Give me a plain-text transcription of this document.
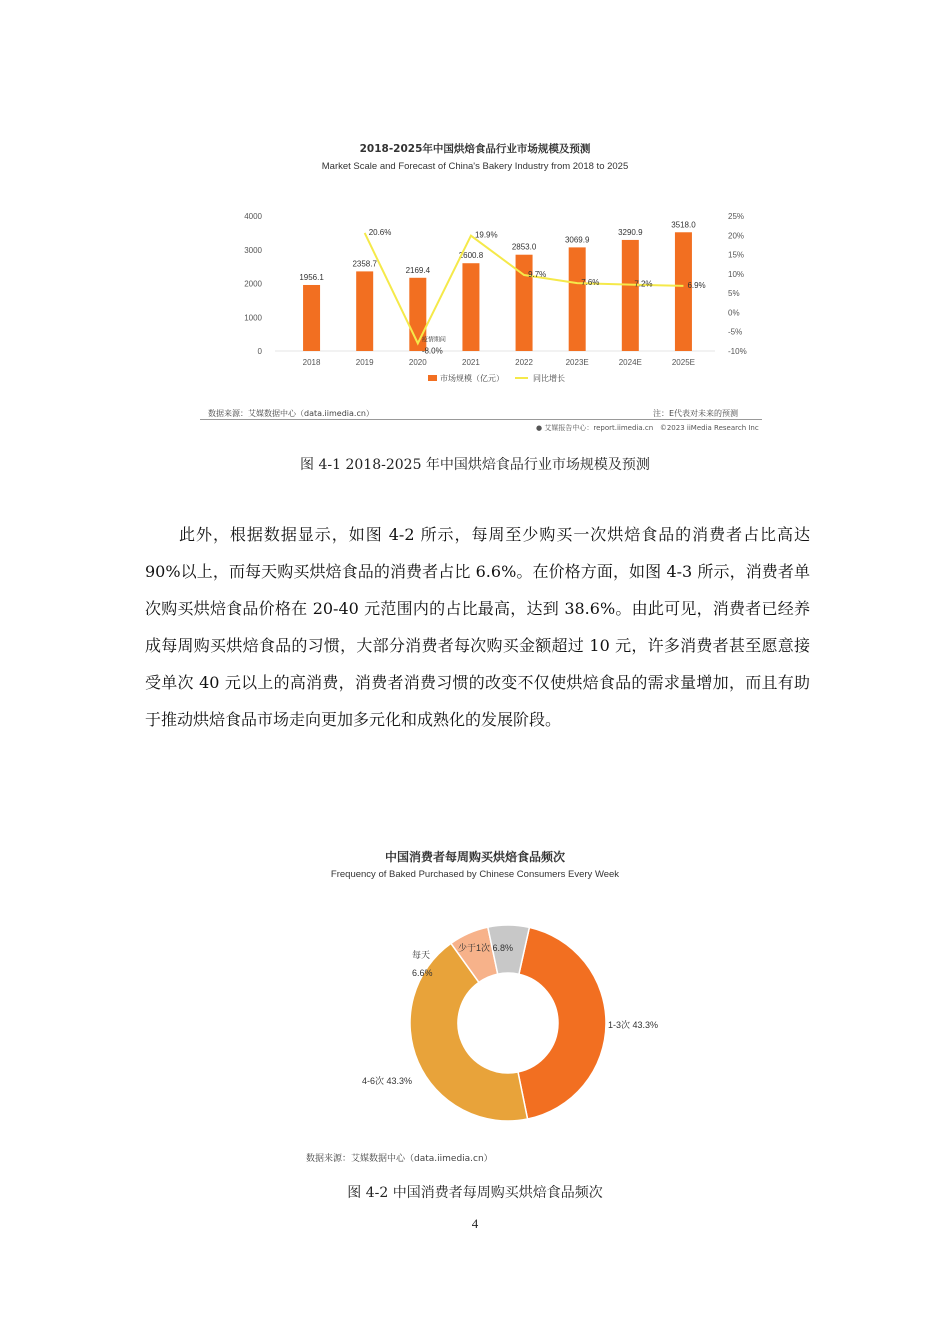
2018-2025年中国烘焙食品行业市场规模及预测
Market Scale and Forecast of China's Bakery Industry from 2018 to 2025
4000
3000
2000
1000
0
25%
20%
15%
10%
5%
0%
-5%
-10%
1956.1
2018
2358.7
2019
2169.4
2020
2600.8
2021
2853.0
2022
3069.9
2023E
3290.9
2024E
3518.0
2025E
20.6%
-8.0%
19.9%
9.7%
7.6%	7.2%	6.9%
疫情期间
市场规模（亿元）	同比增长
数据来源：艾媒数据中心（data.iimedia.cn）	注：E代表对未来的预测
● 艾媒报告中心：report.iimedia.cn ©2023 iiMedia Research Inc
图 4-1 2018-2025 年中国烘焙食品行业市场规模及预测

此外，根据数据显示，如图 4-2 所示，每周至少购买一次烘焙食品的消费者占比高达 90%以上，而每天购买烘焙食品的消费者占比 6.6%。在价格方面，如图 4-3 所示，消费者单次购买烘焙食品价格在 20-40 元范围内的占比最高，达到 38.6%。由此可见，消费者已经养成每周购买烘焙食品的习惯，大部分消费者每次购买金额超过 10 元，许多消费者甚至愿意接受单次 40 元以上的高消费，消费者消费习惯的改变不仅使烘焙食品的需求量增加，而且有助于推动烘焙食品市场走向更加多元化和成熟化的发展阶段。

中国消费者每周购买烘焙食品频次
Frequency of Baked Purchased by Chinese Consumers Every Week
1-3次 43.3%
4-6次 43.3%
每天
6.6%
少于1次 6.8%
数据来源：艾媒数据中心（data.iimedia.cn）
图 4-2 中国消费者每周购买烘焙食品频次
4
